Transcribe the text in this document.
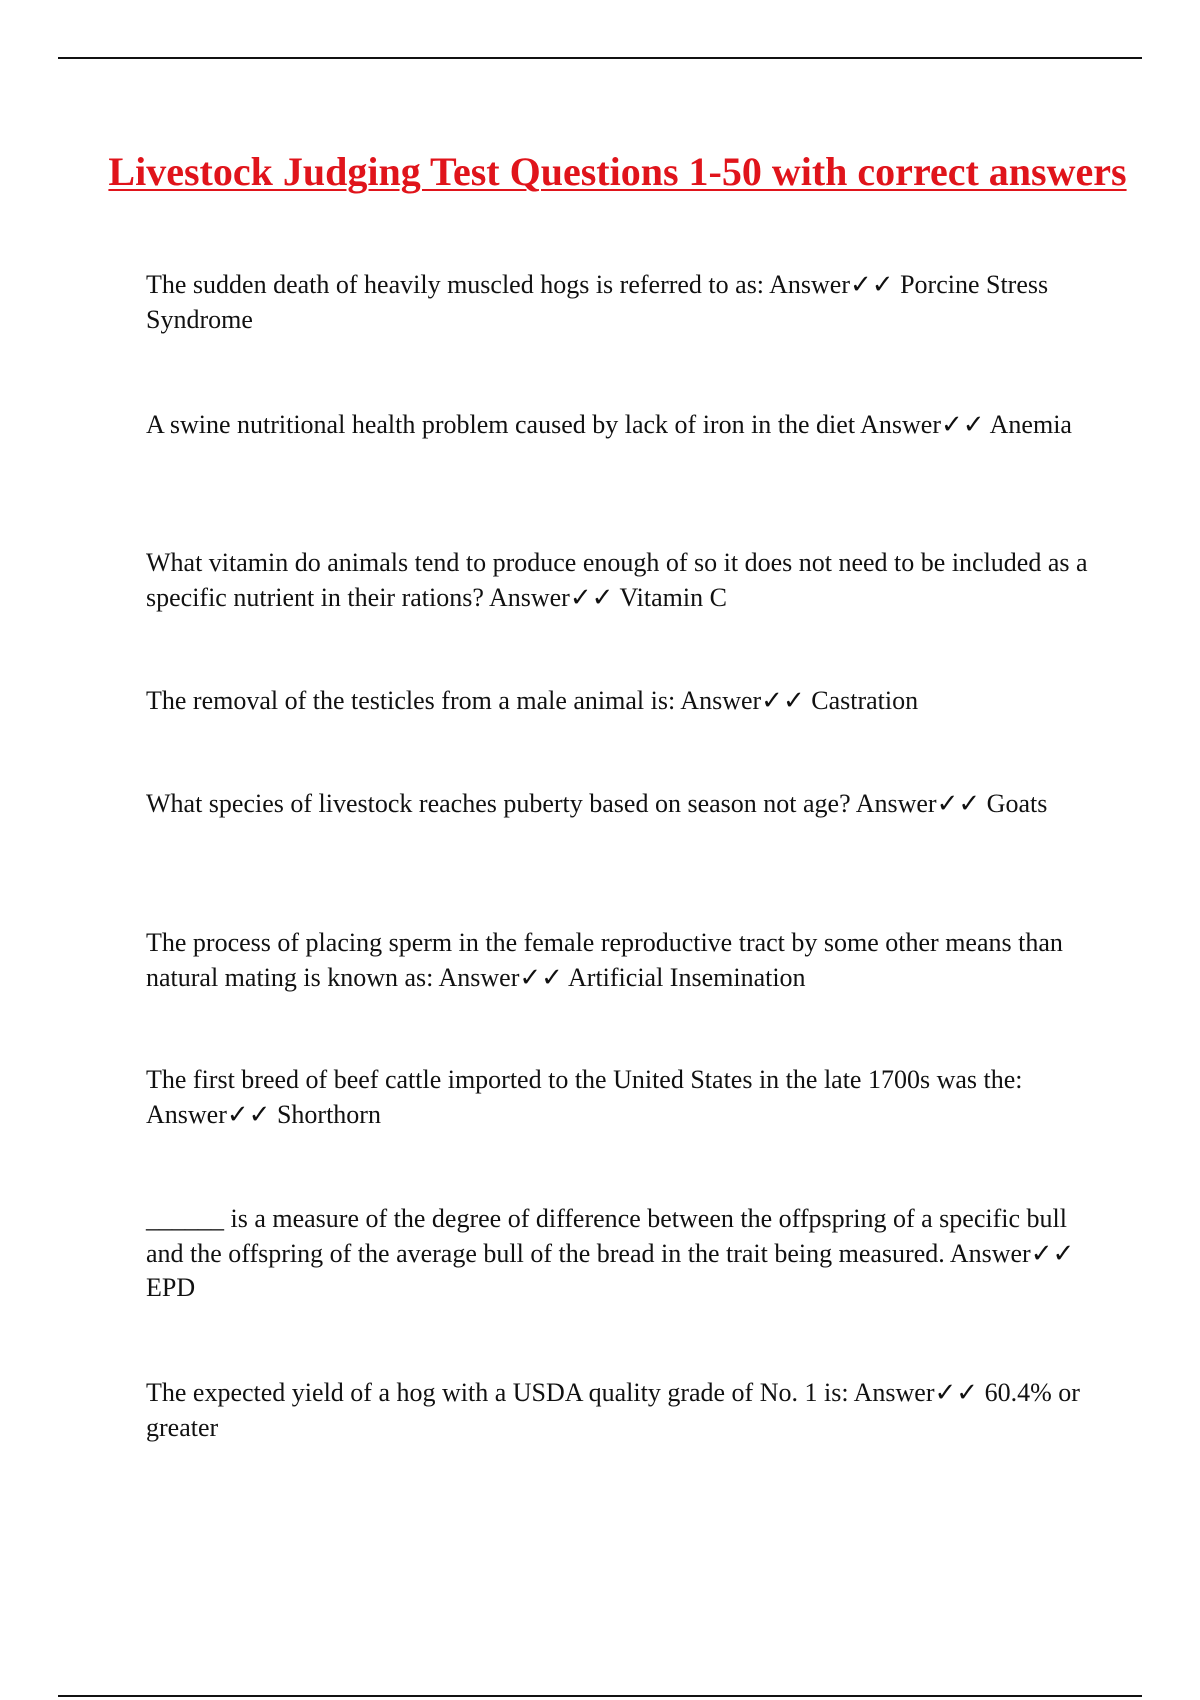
Livestock Judging Test Questions 1-50 with correct answers

The sudden death of heavily muscled hogs is referred to as: Answer✓✓ Porcine Stress Syndrome

A swine nutritional health problem caused by lack of iron in the diet Answer✓✓ Anemia

What vitamin do animals tend to produce enough of so it does not need to be included as a specific nutrient in their rations? Answer✓✓ Vitamin C

The removal of the testicles from a male animal is: Answer✓✓ Castration

What species of livestock reaches puberty based on season not age? Answer✓✓ Goats

The process of placing sperm in the female reproductive tract by some other means than natural mating is known as: Answer✓✓ Artificial Insemination

The first breed of beef cattle imported to the United States in the late 1700s was the: Answer✓✓ Shorthorn

______ is a measure of the degree of difference between the offpspring of a specific bull and the offspring of the average bull of the bread in the trait being measured. Answer✓✓ EPD

The expected yield of a hog with a USDA quality grade of No. 1 is: Answer✓✓ 60.4% or greater
